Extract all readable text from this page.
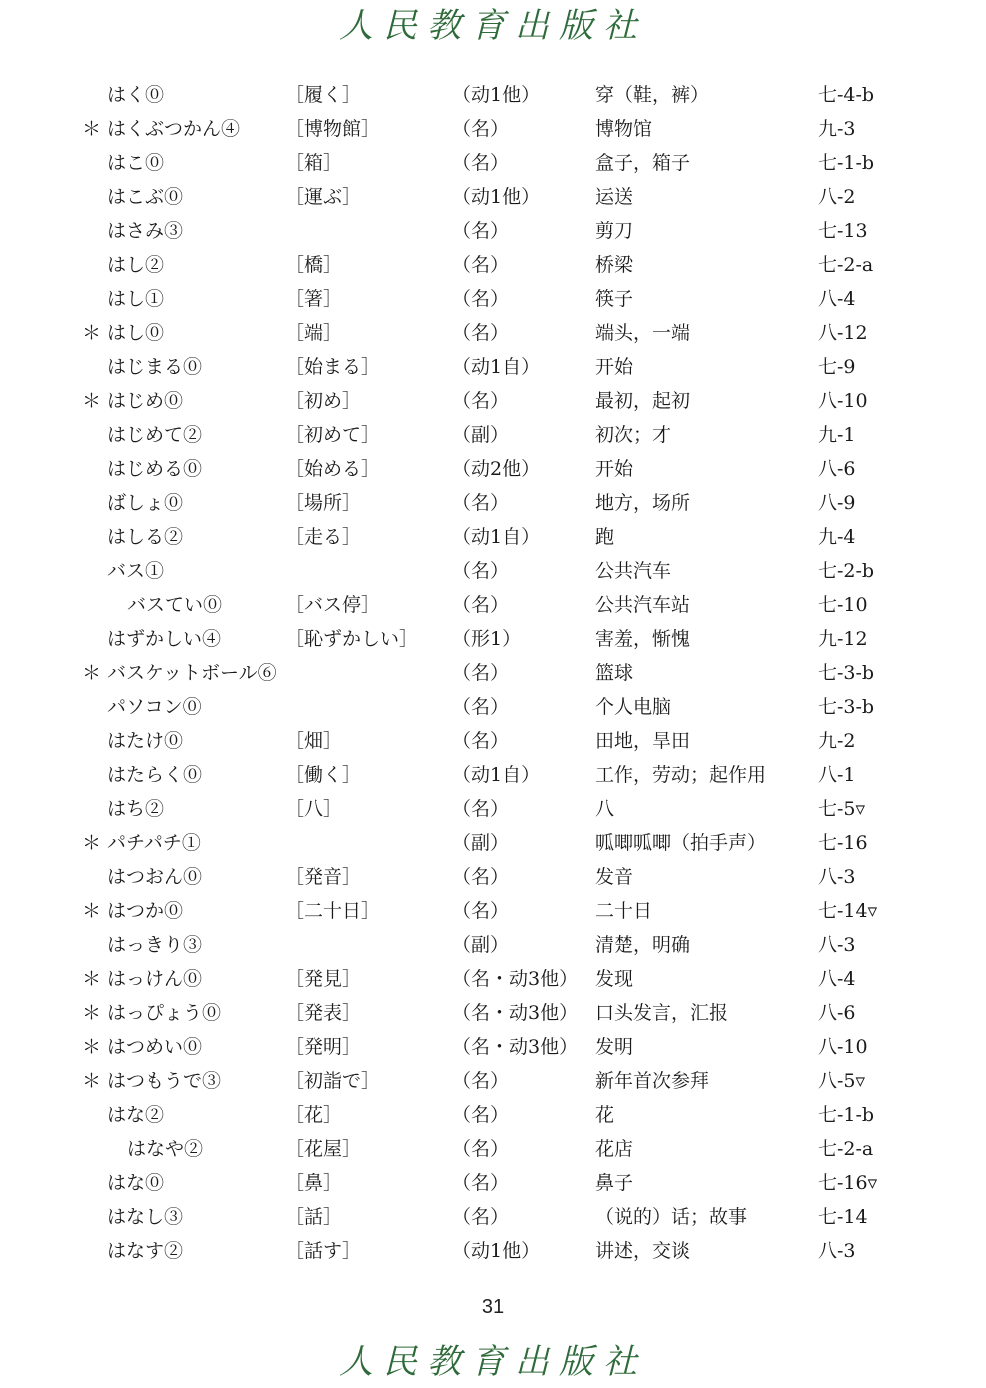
人民教育出版社
はく⓪	［履く］	（动1他）	穿（鞋，裤）	七-4-b
＊ はくぶつかん④ ［博物館］	（名）	博物馆	九-3
はこ⓪	［箱］	（名）	盒子，箱子	七-1-b
はこぶ⓪	［運ぶ］	（动1他）	运送	八-2
はさみ③	（名）	剪刀	七-13
はし②	［橋］	（名）	桥梁	七-2-a
はし①	［箸］	（名）	筷子	八-4
＊ はし⓪	［端］	（名）	端头，一端	八-12
はじまる⓪	［始まる］	（动1自）	开始	七-9
＊ はじめ⓪	［初め］	（名）	最初，起初	八-10
はじめて②	［初めて］	（副）	初次；才	九-1
はじめる⓪	［始める］	（动2他）	开始	八-6
ばしょ⓪	［場所］	（名）	地方，场所	八-9
はしる②	［走る］	（动1自）	跑	九-4
バス①	（名）	公共汽车	七-2-b
バスてい⓪	［バス停］	（名）	公共汽车站	七-10
はずかしい④	［恥ずかしい］ （形1）	害羞，惭愧	九-12
＊ バスケットボール⑥	（名）	篮球	七-3-b
パソコン⓪	（名）	个人电脑	七-3-b
はたけ⓪	［畑］	（名）	田地，旱田	九-2
はたらく⓪	［働く］	（动1自）	工作，劳动；起作用	八-1
はち②	［八］	（名）	八	七-5▿
＊ パチパチ①	（副）	呱唧呱唧（拍手声）	七-16
はつおん⓪	［発音］	（名）	发音	八-3
＊ はつか⓪	［二十日］	（名）	二十日	七-14▿
はっきり③	（副）	清楚，明确	八-3
＊ はっけん⓪	［発見］	（名・动3他） 发现	八-4
＊ はっぴょう⓪	［発表］	（名・动3他） 口头发言，汇报	八-6
＊ はつめい⓪	［発明］	（名・动3他） 发明	八-10
＊ はつもうで③	［初詣で］	（名）	新年首次参拜	八-5▿
はな②	［花］	（名）	花	七-1-b
はなや②	［花屋］	（名）	花店	七-2-a
はな⓪	［鼻］	（名）	鼻子	七-16▿
はなし③	［話］	（名）	（说的）话；故事	七-14
はなす②	［話す］	（动1他）	讲述，交谈	八-3
31
人民教育出版社
